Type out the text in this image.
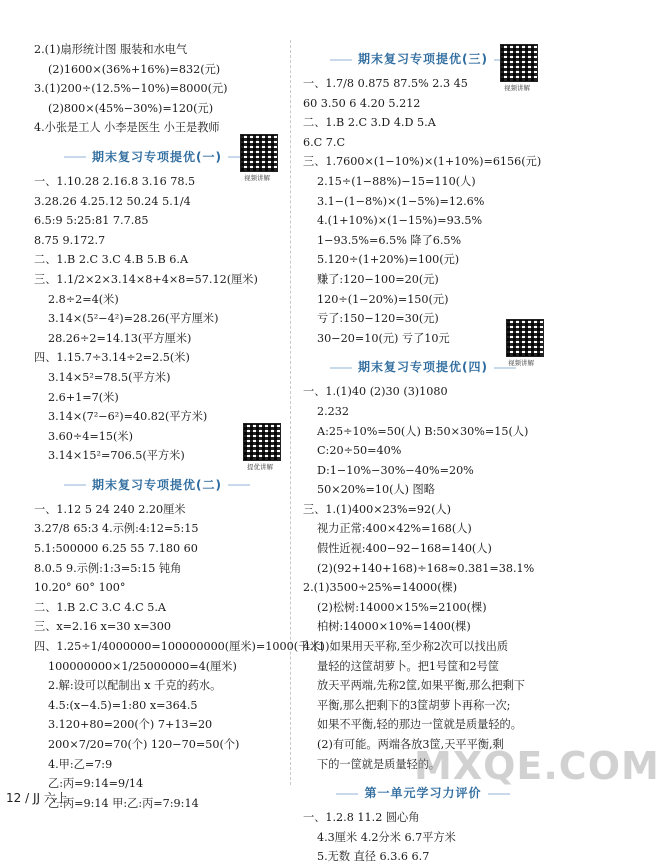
2.(1)扇形统计图 服装和水电气
(2)1600×(36%+16%)=832(元)
3.(1)200÷(12.5%−10%)=8000(元)
(2)800×(45%−30%)=120(元)
4.小张是工人 小李是医生 小王是教师
期末复习专项提优(一)
一、1.10.28 2.16.8 3.16 78.5
3.28.26 4.25.12 50.24 5.1/4
6.5:9 5:25:81 7.7.85
8.75 9.172.7
二、1.B 2.C 3.C 4.B 5.B 6.A
三、1.1/2×2×3.14×8+4×8=57.12(厘米)
2.8÷2=4(米)
3.14×(5²−4²)=28.26(平方厘米)
28.26÷2=14.13(平方厘米)
四、1.15.7÷3.14÷2=2.5(米)
3.14×5²=78.5(平方米)
2.6+1=7(米)
3.14×(7²−6²)=40.82(平方米)
3.60÷4=15(米)
3.14×15²=706.5(平方米)
期末复习专项提优(二)
一、1.12 5 24 240 2.20厘米
3.27/8 65:3 4.示例:4:12=5:15
5.1:500000 6.25 55 7.180 60
8.0.5 9.示例:1:3=5:15 钝角
10.20° 60° 100°
二、1.B 2.C 3.C 4.C 5.A
三、x=2.16 x=30 x=300
四、1.25÷1/4000000=100000000(厘米)=1000(千米)
100000000×1/25000000=4(厘米)
2.解:设可以配制出 x 千克的药水。
4.5:(x−4.5)=1:80 x=364.5
3.120+80=200(个) 7+13=20
200×7/20=70(个) 120−70=50(个)
4.甲:乙=7:9
乙:丙=9:14=9/14
乙:丙=9:14 甲:乙:丙=7:9:14
期末复习专项提优(三)
一、1.7/8 0.875 87.5% 2.3 45
60 3.50 6 4.20 5.212
二、1.B 2.C 3.D 4.D 5.A
6.C 7.C
三、1.7600×(1−10%)×(1+10%)=6156(元)
2.15÷(1−88%)−15=110(人)
3.1−(1−8%)×(1−5%)=12.6%
4.(1+10%)×(1−15%)=93.5%
1−93.5%=6.5% 降了6.5%
5.120÷(1+20%)=100(元)
赚了:120−100=20(元)
120÷(1−20%)=150(元)
亏了:150−120=30(元)
30−20=10(元) 亏了10元
期末复习专项提优(四)
一、1.(1)40 (2)30 (3)1080
2.232
A:25÷10%=50(人) B:50×30%=15(人)
C:20÷50=40%
D:1−10%−30%−40%=20%
50×20%=10(人) 图略
三、1.(1)400×23%=92(人)
视力正常:400×42%=168(人)
假性近视:400−92−168=140(人)
(2)(92+140+168)÷168≈0.381=38.1%
2.(1)3500÷25%=14000(棵)
(2)松树:14000×15%=2100(棵)
柏树:14000×10%=1400(棵)
4.(1)如果用天平称,至少称2次可以找出质
量轻的这筐胡萝卜。把1号筐和2号筐
放天平两端,先称2筐,如果平衡,那么把剩下
平衡,那么把剩下的3筐胡萝卜再称一次;
如果不平衡,轻的那边一筐就是质量轻的。
(2)有可能。两端各放3筐,天平平衡,剩
下的一筐就是质量轻的。
第一单元学习力评价
一、1.2.8 11.2 圆心角
4.3厘米 4.2分米 6.7平方米
5.无数 直径 6.3.6 6.7
视频讲解
视频讲解
提优讲解
视频讲解
12 / JJ 六上
MXQE.COM
